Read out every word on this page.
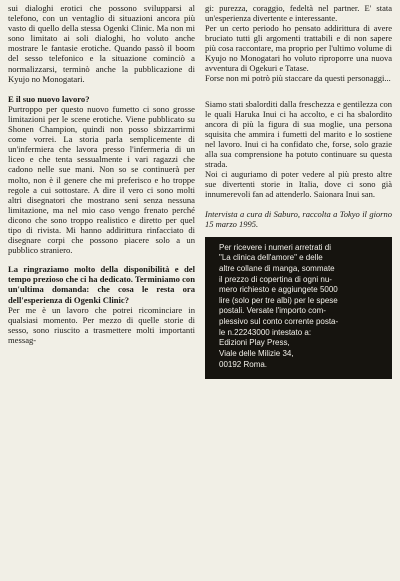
sui dialoghi erotici che possono svilupparsi al telefono, con un ventaglio di situazioni ancora più vasto di quello della stessa Ogenki Clinic. Ma non mi sono limitato ai soli dialoghi, ho voluto anche mostrare le fantasie erotiche. Quando passò il boom del sesso telefonico e la situazione cominciò a normalizzarsi, terminò anche la pubblicazione di Kyujo no Monogatari.

E il suo nuovo lavoro?

Purtroppo per questo nuovo fumetto ci sono grosse limitazioni per le scene erotiche. Viene pubblicato su Shonen Champion, quindi non posso sbizzarrirmi come vorrei. La storia parla semplicemente di un'infermiera che lavora presso l'infermeria di un liceo e che tenta sessualmente i vari ragazzi che cadono nelle sue mani. Non so se continuerà per molto, non è il genere che mi preferisco e ho troppe regole a cui sottostare. A dire il vero ci sono molti altri disegnatori che mostrano seni senza nessuna limitazione, ma nel mio caso vengo frenato perché dicono che sono troppo realistico e diretto per quel tipo di rivista. Mi hanno addirittura rinfacciato di disegnare corpi che possono piacere solo a un pubblico straniero.

La ringraziamo molto della disponibilità e del tempo prezioso che ci ha dedicato. Terminiamo con un'ultima domanda: che cosa le resta ora dell'esperienza di Ogenki Clinic?

Per me è un lavoro che potrei ricominciare in qualsiasi momento. Per mezzo di quelle storie di sesso, sono riuscito a trasmettere molti importanti messag-

gi: purezza, coraggio, fedeltà nel partner. E' stata un'esperienza divertente e interessante.

Per un certo periodo ho pensato addirittura di avere bruciato tutti gli argomenti trattabili e di non sapere più cosa raccontare, ma proprio per l'ultimo volume di Kyujo no Monogatari ho voluto riproporre una nuova avventura di Ogekuri e Tatase.

Forse non mi potrò più staccare da questi personaggi...

Siamo stati sbalorditi dalla freschezza e gentilezza con le quali Haruka Inui ci ha accolto, e ci ha sbalordito ancora di più la figura di sua moglie, una persona squisita che ammira i fumetti del marito e lo sostiene nel lavoro. Inui ci ha confidato che, forse, solo grazie alla sua comprensione ha potuto continuare su questa strada.

Noi ci auguriamo di poter vedere al più presto altre sue divertenti storie in Italia, dove ci sono già innumerevoli fan ad attenderlo. Saionara Inui san.

Intervista a cura di Saburo, raccolta a Tokyo il giorno 15 marzo 1995.

Per ricevere i numeri arretrati di
"La clinica dell'amore" e delle
altre collane di manga, sommate
il prezzo di copertina di ogni nu-
mero richiesto e aggiungete 5000
lire (solo per tre albi) per le spese
postali. Versate l'importo com-
plessivo sul conto corrente posta-
le n.22243000 intestato a:
Edizioni Play Press,
Viale delle Milizie 34,
00192 Roma.
